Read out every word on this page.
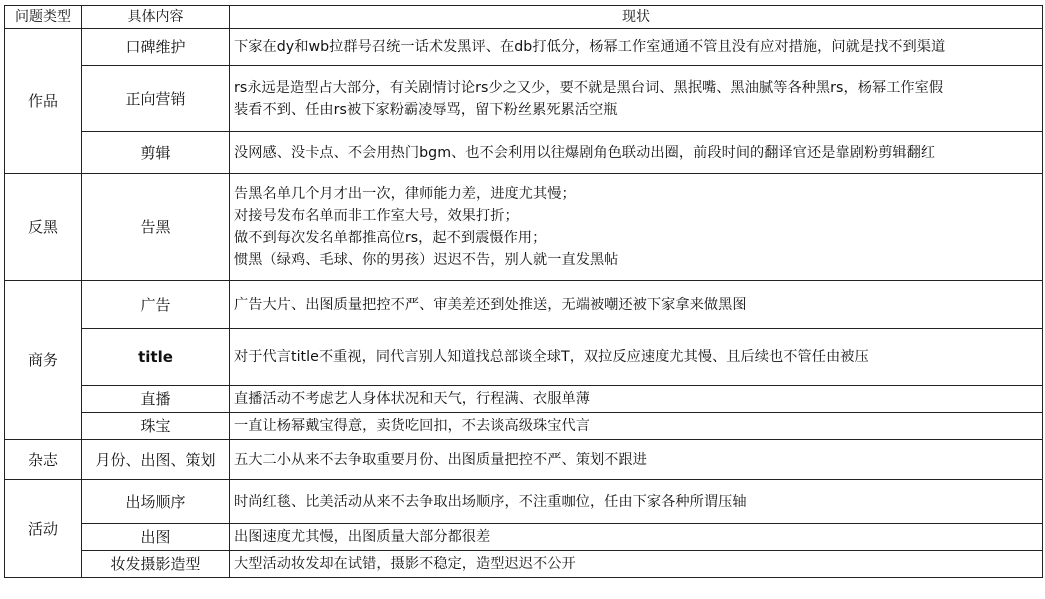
问题类型	具体内容	现状
作品	口碑维护	下家在dy和wb拉群号召统一话术发黑评、在db打低分，杨幂工作室通通不管且没有应对措施，问就是找不到渠道

	正向营销	rs永远是造型占大部分，有关剧情讨论rs少之又少，要不就是黑台词、黑抿嘴、黑油腻等各种黑rs，杨幂工作室假
装看不到、任由rs被下家粉霸凌辱骂，留下粉丝累死累活空瓶

	剪辑	没网感、没卡点、不会用热门bgm、也不会利用以往爆剧角色联动出圈，前段时间的翻译官还是靠剧粉剪辑翻红

反黑	告黑	告黑名单几个月才出一次，律师能力差，进度尤其慢；
对接号发布名单而非工作室大号，效果打折；
做不到每次发名单都推高位rs，起不到震慑作用；
惯黑（绿鸡、毛球、你的男孩）迟迟不告，别人就一直发黑帖

商务	广告	广告大片、出图质量把控不严、审美差还到处推送，无端被嘲还被下家拿来做黑图

	title	对于代言title不重视，同代言别人知道找总部谈全球T，双拉反应速度尤其慢、且后续也不管任由被压

	直播	直播活动不考虑艺人身体状况和天气，行程满、衣服单薄

	珠宝	一直让杨幂戴宝得意，卖货吃回扣，不去谈高级珠宝代言

杂志	月份、出图、策划	五大二小从来不去争取重要月份、出图质量把控不严、策划不跟进

活动	出场顺序	时尚红毯、比美活动从来不去争取出场顺序，不注重咖位，任由下家各种所谓压轴

	出图	出图速度尤其慢，出图质量大部分都很差

	妆发摄影造型	大型活动妆发却在试错，摄影不稳定，造型迟迟不公开
